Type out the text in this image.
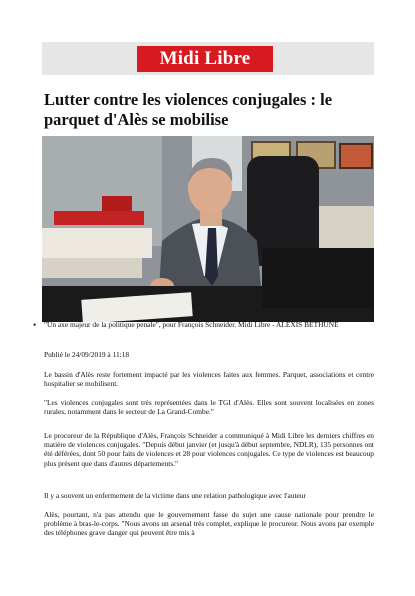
Midi Libre
Lutter contre les violences conjugales : le parquet d'Alès se mobilise
• "Un axe majeur de la politique penale", pour François Schneider. Midi Libre - ALEXIS BETHUNE

Publié le 24/09/2019 à 11:18

Le bassin d'Alès reste fortement impacté par les violences faites aux femmes. Parquet, associations et centre hospitalier se mobilisent.

"Les violences conjugales sont très représentées dans le TGI d'Alès. Elles sont souvent localisées en zones rurales, notamment dans le secteur de La Grand-Combe."

Le procureur de la République d'Alès, François Schneider a communiqué à Midi Libre les derniers chiffres en matière de violences conjugales. "Depuis début janvier (et jusqu'à début septembre, NDLR), 135 personnes ont été déférées, dont 50 pour faits de violences et 28 pour violences conjugales. Ce type de violences est beaucoup plus présent que dans d'autres départements."

Il y a souvent un enfermement de la victime dans une relation pathologique avec l'auteur

Alès, pourtant, n'a pas attendu que le gouvernement fasse du sujet une cause nationale pour prendre le problème à bras-le-corps. "Nous avons un arsenal très complet, explique le procureur. Nous avons par exemple des téléphones grave danger qui peuvent être mis à
